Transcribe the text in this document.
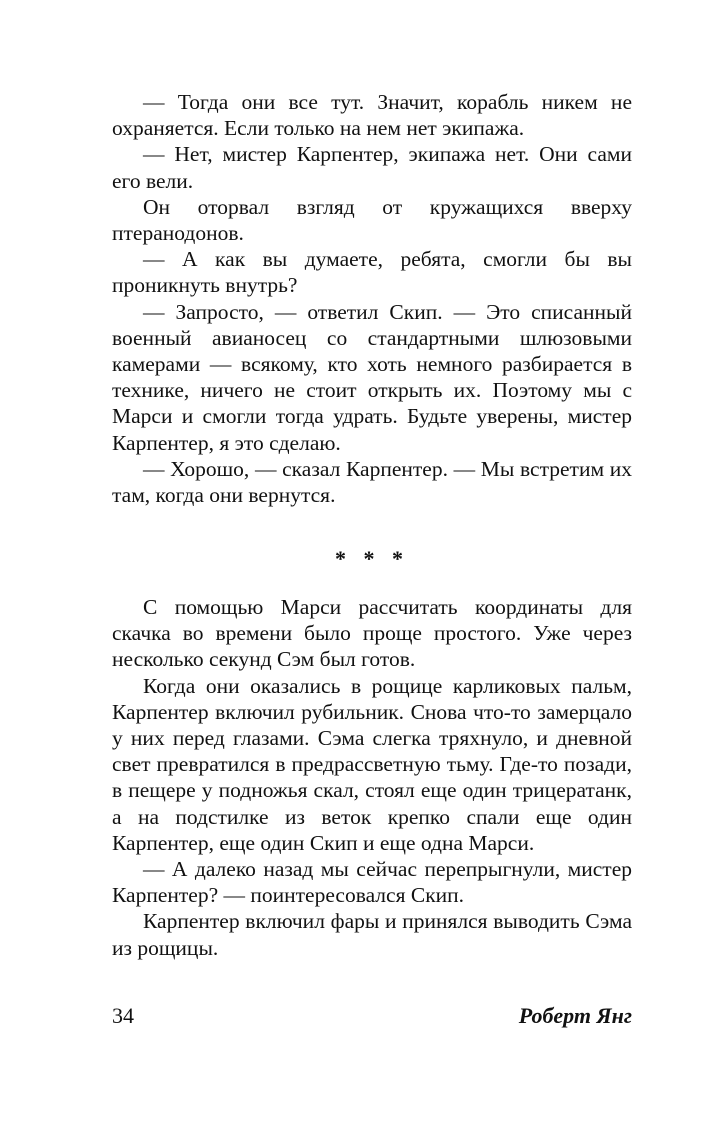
— Тогда они все тут. Значит, корабль никем не охраняется. Если только на нем нет экипажа.

— Нет, мистер Карпентер, экипажа нет. Они сами его вели.

Он оторвал взгляд от кружащихся вверху птеранодонов.

— А как вы думаете, ребята, смогли бы вы проникнуть внутрь?

— Запросто, — ответил Скип. — Это списанный военный авианосец со стандартными шлюзовыми камерами — всякому, кто хоть немного разбирается в технике, ничего не стоит открыть их. Поэтому мы с Марси и смогли тогда удрать. Будьте уверены, мистер Карпентер, я это сделаю.

— Хорошо, — сказал Карпентер. — Мы встретим их там, когда они вернутся.

* * *

С помощью Марси рассчитать координаты для скачка во времени было проще простого. Уже через несколько секунд Сэм был готов.

Когда они оказались в рощице карликовых пальм, Карпентер включил рубильник. Снова что-то замерцало у них перед глазами. Сэма слегка тряхнуло, и дневной свет превратился в предрассветную тьму. Где-то позади, в пещере у подножья скал, стоял еще один трицератанк, а на подстилке из веток крепко спали еще один Карпентер, еще один Скип и еще одна Марси.

— А далеко назад мы сейчас перепрыгнули, мистер Карпентер? — поинтересовался Скип.

Карпентер включил фары и принялся выводить Сэма из рощицы.

34	Роберт Янг
